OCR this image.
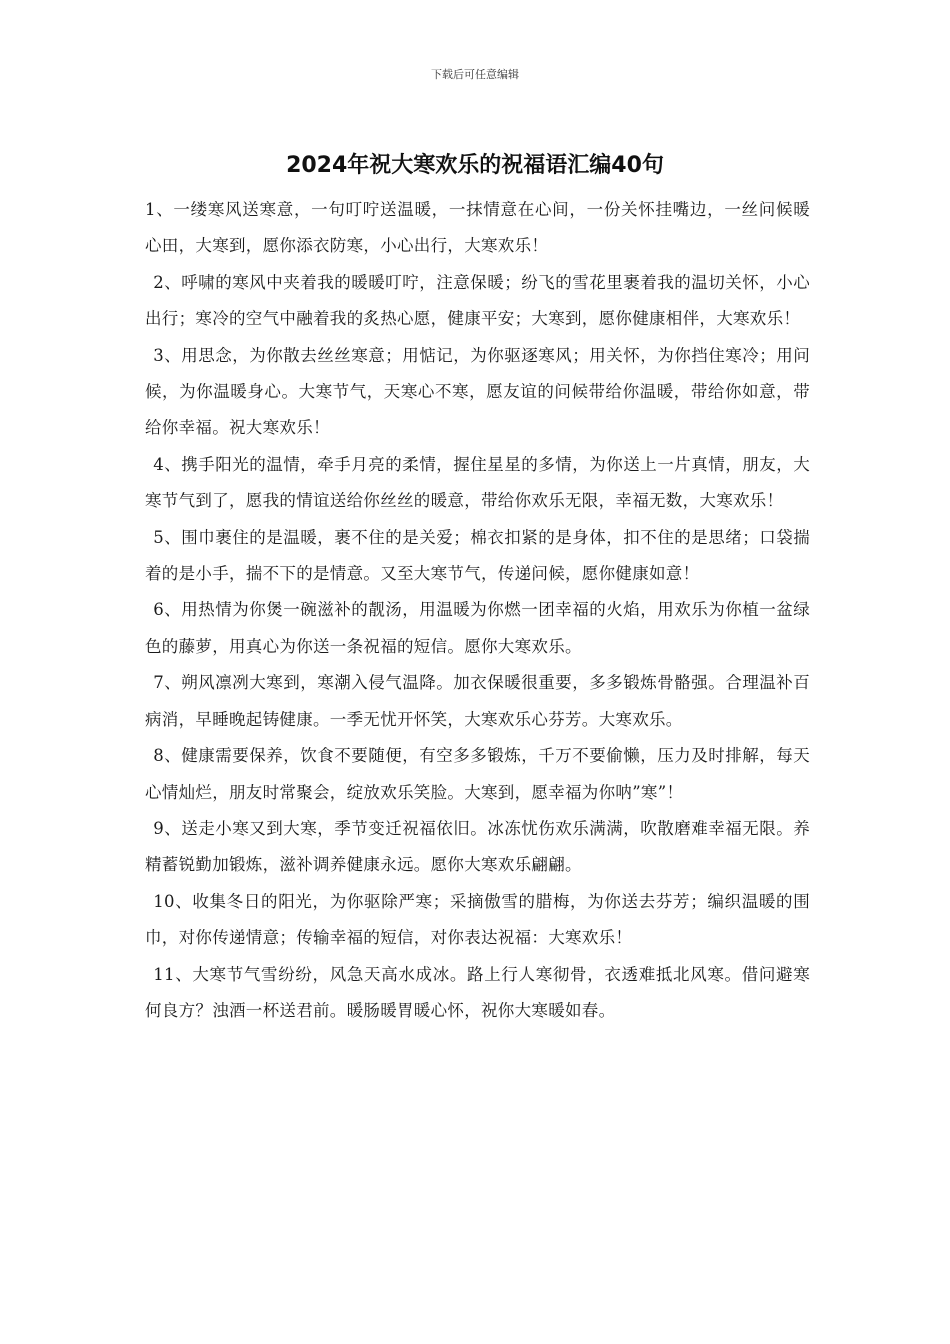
下载后可任意编辑
2024年祝大寒欢乐的祝福语汇编40句

1、一缕寒风送寒意，一句叮咛送温暖，一抹情意在心间，一份关怀挂嘴边，一丝问候暖心田，大寒到，愿你添衣防寒，小心出行，大寒欢乐！

2、呼啸的寒风中夹着我的暖暖叮咛，注意保暖；纷飞的雪花里裹着我的温切关怀，小心出行；寒冷的空气中融着我的炙热心愿，健康平安；大寒到，愿你健康相伴，大寒欢乐！

3、用思念，为你散去丝丝寒意；用惦记，为你驱逐寒风；用关怀，为你挡住寒冷；用问候，为你温暖身心。大寒节气，天寒心不寒，愿友谊的问候带给你温暖，带给你如意，带给你幸福。祝大寒欢乐！

4、携手阳光的温情，牵手月亮的柔情，握住星星的多情，为你送上一片真情，朋友，大寒节气到了，愿我的情谊送给你丝丝的暖意，带给你欢乐无限，幸福无数，大寒欢乐！

5、围巾裹住的是温暖，裹不住的是关爱；棉衣扣紧的是身体，扣不住的是思绪；口袋揣着的是小手，揣不下的是情意。又至大寒节气，传递问候，愿你健康如意！

6、用热情为你煲一碗滋补的靓汤，用温暖为你燃一团幸福的火焰，用欢乐为你植一盆绿色的藤萝，用真心为你送一条祝福的短信。愿你大寒欢乐。

7、朔风凛冽大寒到，寒潮入侵气温降。加衣保暖很重要，多多锻炼骨骼强。合理温补百病消，早睡晚起铸健康。一季无忧开怀笑，大寒欢乐心芬芳。大寒欢乐。

8、健康需要保养，饮食不要随便，有空多多锻炼，千万不要偷懒，压力及时排解，每天心情灿烂，朋友时常聚会，绽放欢乐笑脸。大寒到，愿幸福为你呐”寒”！

9、送走小寒又到大寒，季节变迁祝福依旧。冰冻忧伤欢乐满满，吹散磨难幸福无限。养精蓄锐勤加锻炼，滋补调养健康永远。愿你大寒欢乐翩翩。

10、收集冬日的阳光，为你驱除严寒；采摘傲雪的腊梅，为你送去芬芳；编织温暖的围巾，对你传递情意；传输幸福的短信，对你表达祝福：大寒欢乐！

11、大寒节气雪纷纷，风急天高水成冰。路上行人寒彻骨，衣透难抵北风寒。借问避寒何良方？浊酒一杯送君前。暖肠暖胃暖心怀，祝你大寒暖如春。
